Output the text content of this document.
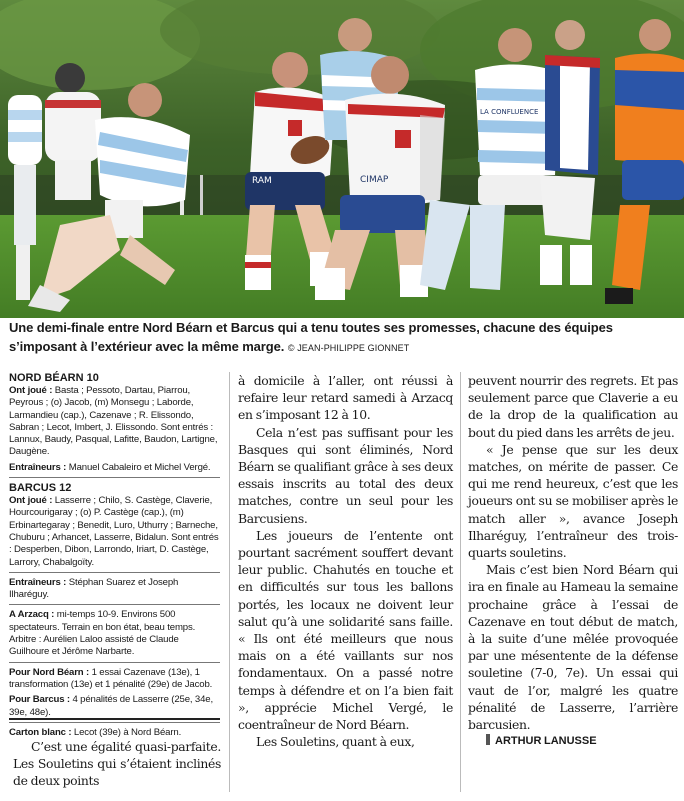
RAM	CIMAP
LA CONFLUENCE
Une demi-finale entre Nord Béarn et Barcus qui a tenu toutes ses promesses, chacune des équipes s’imposant à l’extérieur avec la même marge. © JEAN-PHILIPPE GIONNET
NORD BÉARN 10

Ont joué : Basta ; Pessoto, Dartau, Piarrou, Peyrous ; (o) Jacob, (m) Monsegu ; Laborde, Larmandieu (cap.), Cazenave ; R. Elissondo, Sabran ; Lecot, Imbert, J. Elissondo. Sont entrés : Lannux, Baudy, Pasqual, Lafitte, Baudon, Lartigne, Daugène.

Entraîneurs : Manuel Cabaleiro et Michel Vergé.

BARCUS 12

Ont joué : Lasserre ; Chilo, S. Castège, Claverie, Hourcourigaray ; (o) P. Castège (cap.), (m) Erbinartegaray ; Benedit, Luro, Uthurry ; Barneche, Chuburu ; Arhancet, Lasserre, Bidalun. Sont entrés : Desperben, Dibon, Larrondo, Iriart, D. Castège, Larrory, Chabalgoïty.

Entraîneurs : Stéphan Suarez et Joseph Ilharéguy.

A Arzacq : mi-temps 10-9. Environs 500 spectateurs. Terrain en bon état, beau temps. Arbitre : Aurélien Laloo assisté de Claude Guilhoure et Jérôme Narbarte.

Pour Nord Béarn : 1 essai Cazenave (13e), 1 transformation (13e) et 1 pénalité (29e) de Jacob.

Pour Barcus : 4 pénalités de Lasserre (25e, 34e, 39e, 48e).

Carton blanc : Lecot (39e) à Nord Béarn.

C’est une égalité quasi-parfaite. Les Souletins qui s’étaient inclinés de deux points

à domicile à l’aller, ont réussi à refaire leur retard samedi à Arzacq en s’imposant 12 à 10.

Cela n’est pas suffisant pour les Basques qui sont éliminés, Nord Béarn se qualifiant grâce à ses deux essais inscrits au total des deux matches, contre un seul pour les Barcusiens.

Les joueurs de l’entente ont pourtant sacrément souffert devant leur public. Chahutés en touche et en difficultés sur tous les ballons portés, les locaux ne doivent leur salut qu’à une solidarité sans faille. « Ils ont été meilleurs que nous mais on a été vaillants sur nos fondamentaux. On a passé notre temps à défendre et on l’a bien fait », apprécie Michel Vergé, le coentraîneur de Nord Béarn.

Les Souletins, quant à eux,

peuvent nourrir des regrets. Et pas seulement parce que Claverie a eu de la drop de la qualification au bout du pied dans les arrêts de jeu.

« Je pense que sur les deux matches, on mérite de passer. Ce qui me rend heureux, c’est que les joueurs ont su se mobiliser après le match aller », avance Joseph Ilharéguy, l’entraîneur des trois-quarts souletins.

Mais c’est bien Nord Béarn qui ira en finale au Hameau la semaine prochaine grâce à l’essai de Cazenave en tout début de match, à la suite d’une mêlée provoquée par une mésentente de la défense souletine (7-0, 7e). Un essai qui vaut de l’or, malgré les quatre pénalité de Lasserre, l’arrière barcusien.

ARTHUR LANUSSE
